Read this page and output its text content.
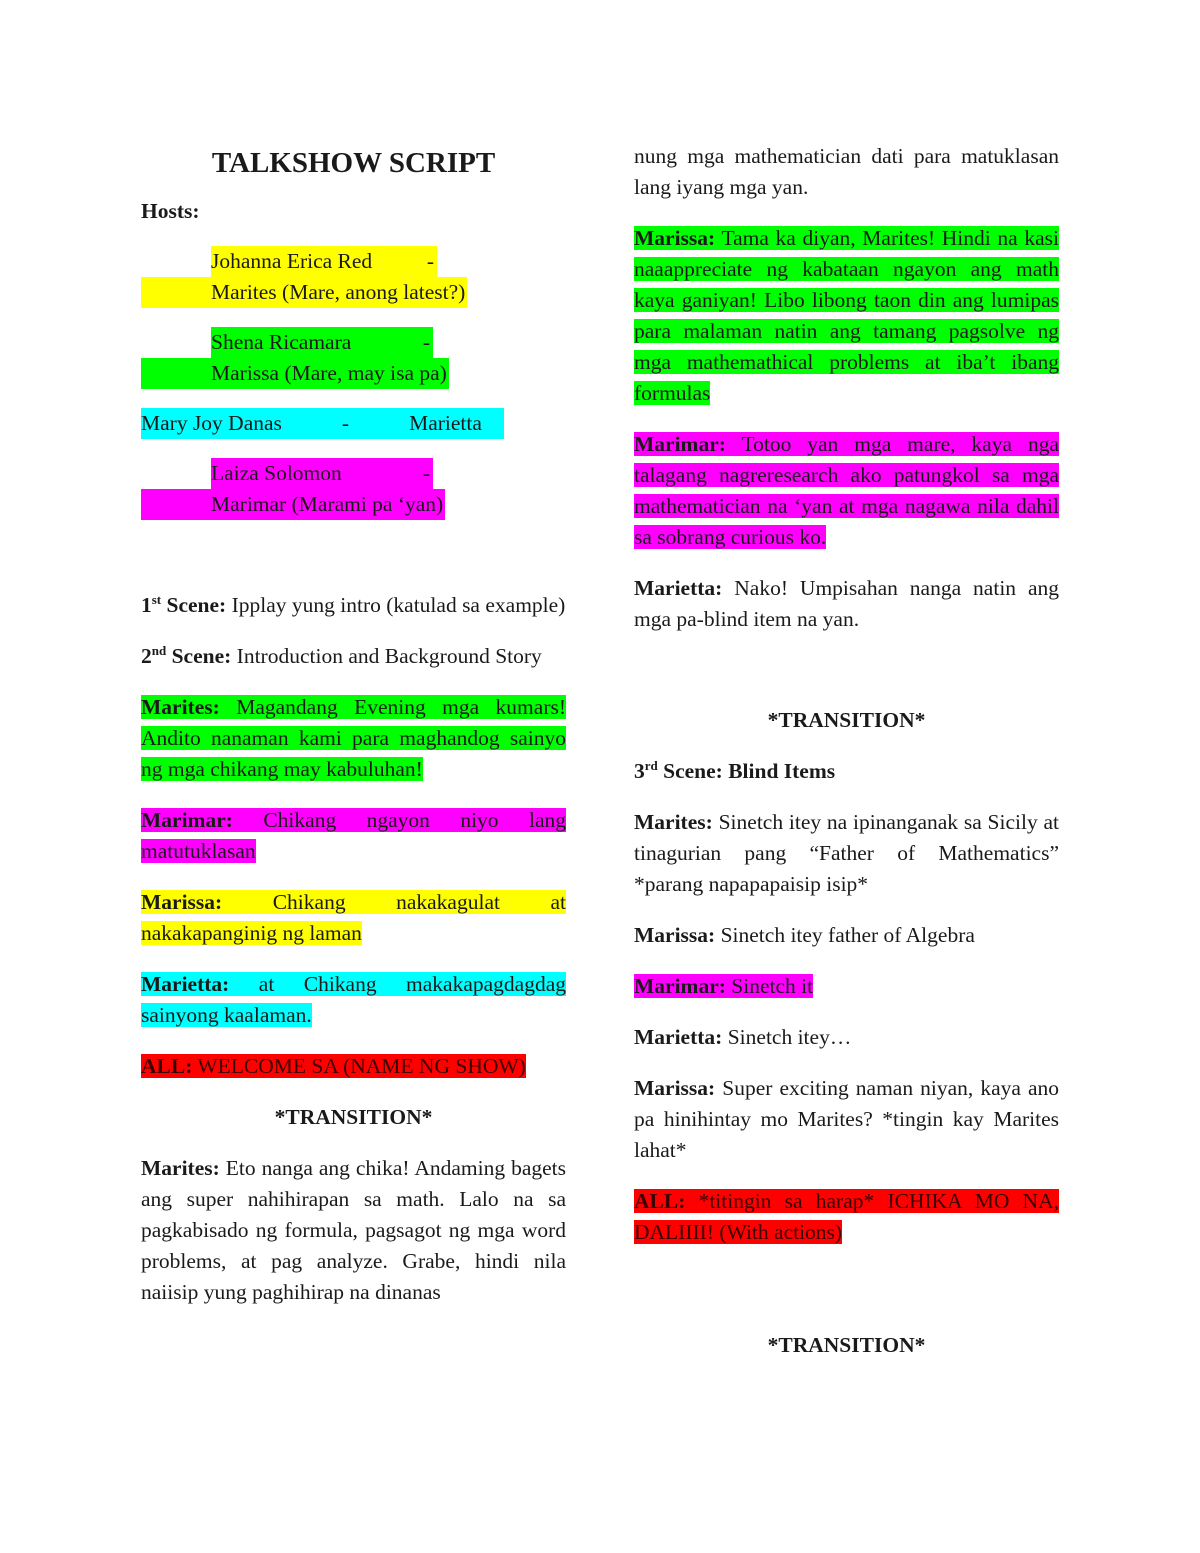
TALKSHOW SCRIPT

Hosts:

Johanna Erica Red	-
Marites (Mare, anong latest?)
Shena Ricamara	-
Marissa (Mare, may isa pa)
Mary Joy Danas	-	Marietta
Laiza Solomon	-
Marimar (Marami pa ‘yan)

1st Scene: Ipplay yung intro (katulad sa example)

2nd Scene: Introduction and Background Story

Marites: Magandang Evening mga kumars! Andito nanaman kami para maghandog sainyo ng mga chikang may kabuluhan!

Marimar: Chikang ngayon niyo lang matutuklasan

Marissa: Chikang nakakagulat at nakakapanginig ng laman

Marietta: at Chikang makakapagdagdag sainyong kaalaman.

ALL: WELCOME SA (NAME NG SHOW)

*TRANSITION*

Marites: Eto nanga ang chika! Andaming bagets ang super nahihirapan sa math. Lalo na sa pagkabisado ng formula, pagsagot ng mga word problems, at pag analyze. Grabe, hindi nila naiisip yung paghihirap na dinanas

nung mga mathematician dati para matuklasan lang iyang mga yan.

Marissa: Tama ka diyan, Marites! Hindi na kasi naaappreciate ng kabataan ngayon ang math kaya ganiyan! Libo libong taon din ang lumipas para malaman natin ang tamang pagsolve ng mga mathemathical problems at iba’t ibang formulas

Marimar: Totoo yan mga mare, kaya nga talagang nagreresearch ako patungkol sa mga mathematician na ‘yan at mga nagawa nila dahil sa sobrang curious ko.

Marietta: Nako! Umpisahan nanga natin ang mga pa-blind item na yan.

*TRANSITION*

3rd Scene: Blind Items

Marites: Sinetch itey na ipinanganak sa Sicily at tinagurian pang “Father of Mathematics” *parang napapapaisip isip*

Marissa: Sinetch itey father of Algebra

Marimar: Sinetch it

Marietta: Sinetch itey…

Marissa: Super exciting naman niyan, kaya ano pa hinihintay mo Marites? *tingin kay Marites lahat*

ALL: *titingin sa harap* ICHIKA MO NA, DALIIII! (With actions)

*TRANSITION*
